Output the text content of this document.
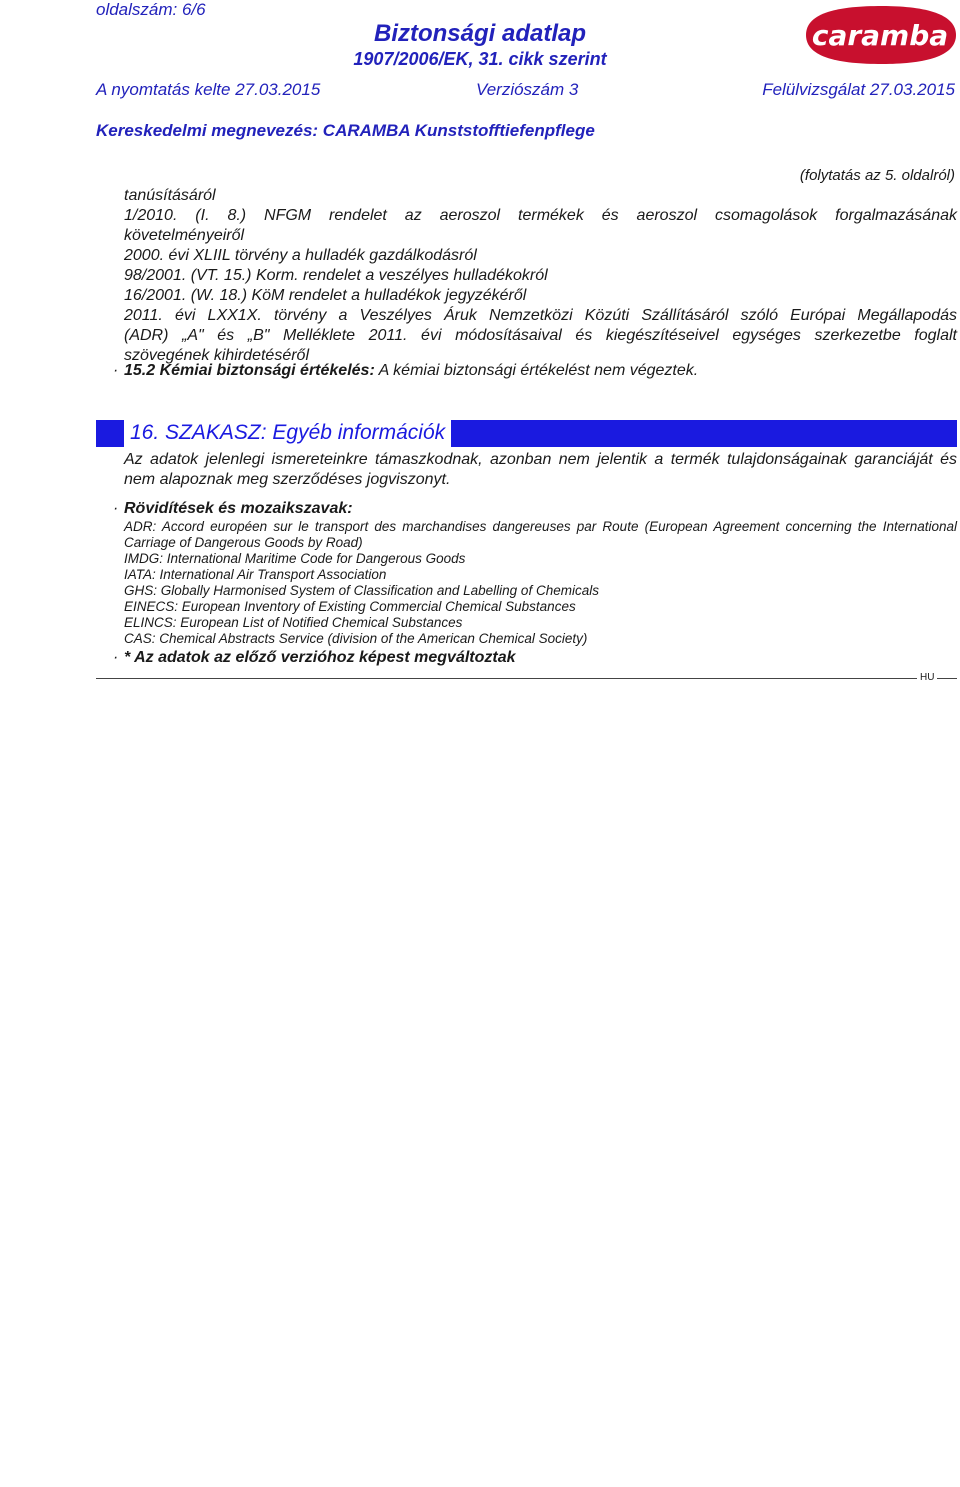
oldalszám: 6/6
Biztonsági adatlap
1907/2006/EK, 31. cikk szerint
A nyomtatás kelte 27.03.2015	Verziószám 3	Felülvizsgálat 27.03.2015
Kereskedelmi megnevezés: CARAMBA Kunststofftiefenpflege
caramba
(folytatás az 5. oldalról)
tanúsításáról
1/2010. (I. 8.) NFGM rendelet az aeroszol termékek és aeroszol csomagolások forgalmazásának
követelményeiről
2000. évi XLIIL törvény a hulladék gazdálkodásról
98/2001. (VT. 15.) Korm. rendelet a veszélyes hulladékokról
16/2001. (W. 18.) KöM rendelet a hulladékok jegyzékéről
2011. évi LXX1X. törvény a Veszélyes Áruk Nemzetközi Közúti Szállításáról szóló Európai Megállapodás
(ADR) „A" és „B" Melléklete 2011. évi módosításaival és kiegészítéseivel egységes szerkezetbe foglalt
szövegének kihirdetéséről
· 15.2 Kémiai biztonsági értékelés: A kémiai biztonsági értékelést nem végeztek.
16. SZAKASZ: Egyéb információk
Az adatok jelenlegi ismereteinkre támaszkodnak, azonban nem jelentik a termék tulajdonságainak garanciáját és nem alapoznak meg szerződéses jogviszonyt.
· Rövidítések és mozaikszavak:
ADR: Accord européen sur le transport des marchandises dangereuses par Route (European Agreement concerning the International Carriage of Dangerous Goods by Road)
IMDG: International Maritime Code for Dangerous Goods
IATA: International Air Transport Association
GHS: Globally Harmonised System of Classification and Labelling of Chemicals
EINECS: European Inventory of Existing Commercial Chemical Substances
ELINCS: European List of Notified Chemical Substances
CAS: Chemical Abstracts Service (division of the American Chemical Society)
· * Az adatok az előző verzióhoz képest megváltoztak
HU
